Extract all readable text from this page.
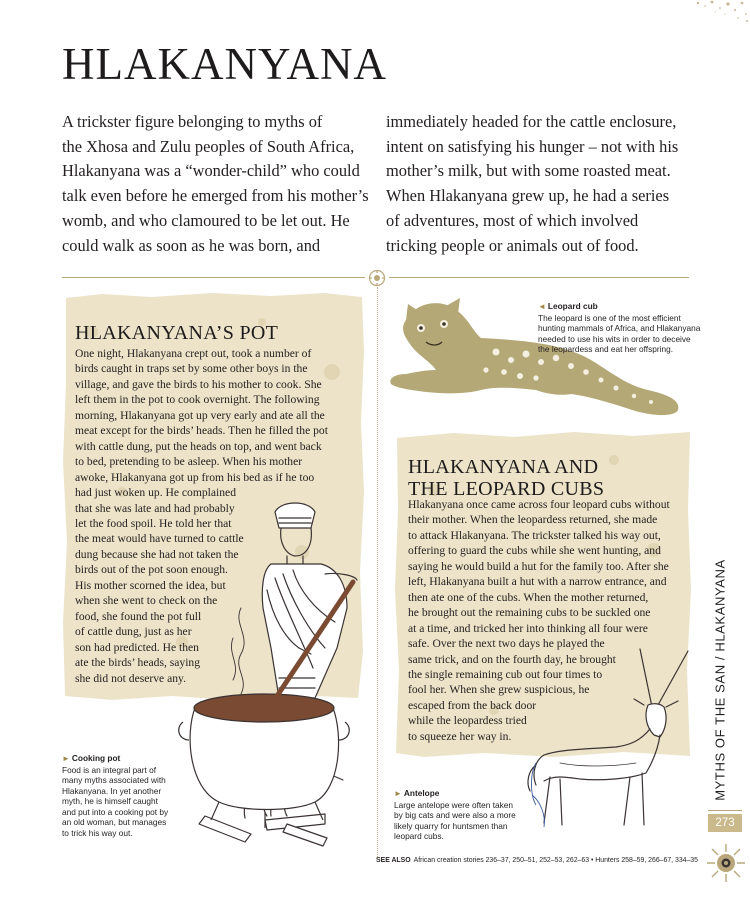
HLAKANYANA
A trickster figure belonging to myths of
the Xhosa and Zulu peoples of South Africa,
Hlakanyana was a “wonder-child” who could
talk even before he emerged from his mother’s
womb, and who clamoured to be let out. He
could walk as soon as he was born, and
immediately headed for the cattle enclosure,
intent on satisfying his hunger – not with his
mother’s milk, but with some roasted meat.
When Hlakanyana grew up, he had a series
of adventures, most of which involved
tricking people or animals out of food.
◄ Leopard cub
The leopard is one of the most efficient
hunting mammals of Africa, and Hlakanyana
needed to use his wits in order to deceive
the leopardess and eat her offspring.
HLAKANYANA’S POT
One night, Hlakanyana crept out, took a number of
birds caught in traps set by some other boys in the
village, and gave the birds to his mother to cook. She
left them in the pot to cook overnight. The following
morning, Hlakanyana got up very early and ate all the
meat except for the birds’ heads. Then he filled the pot
with cattle dung, put the heads on top, and went back
to bed, pretending to be asleep. When his mother
awoke, Hlakanyana got up from his bed as if he too
had just woken up. He complained
that she was late and had probably
let the food spoil. He told her that
the meat would have turned to cattle
dung because she had not taken the
birds out of the pot soon enough.
His mother scorned the idea, but
when she went to check on the
food, she found the pot full
of cattle dung, just as her
son had predicted. He then
ate the birds’ heads, saying
she did not deserve any.
► Cooking pot
Food is an integral part of
many myths associated with
Hlakanyana. In yet another
myth, he is himself caught
and put into a cooking pot by
an old woman, but manages
to trick his way out.
HLAKANYANA AND
THE LEOPARD CUBS
Hlakanyana once came across four leopard cubs without
their mother. When the leopardess returned, she made
to attack Hlakanyana. The trickster talked his way out,
offering to guard the cubs while she went hunting, and
saying he would build a hut for the family too. After she
left, Hlakanyana built a hut with a narrow entrance, and
then ate one of the cubs. When the mother returned,
he brought out the remaining cubs to be suckled one
at a time, and tricked her into thinking all four were
safe. Over the next two days he played the
same trick, and on the fourth day, he brought
the single remaining cub out four times to
fool her. When she grew suspicious, he
escaped from the back door
while the leopardess tried
to squeeze her way in.
► Antelope
Large antelope were often taken
by big cats and were also a more
likely quarry for huntsmen than
leopard cubs.
MYTHS OF THE SAN / HLAKANYANA
273
SEE ALSO African creation stories 236–37, 250–51, 252–53, 262–63 • Hunters 258–59, 266–67, 334–35
